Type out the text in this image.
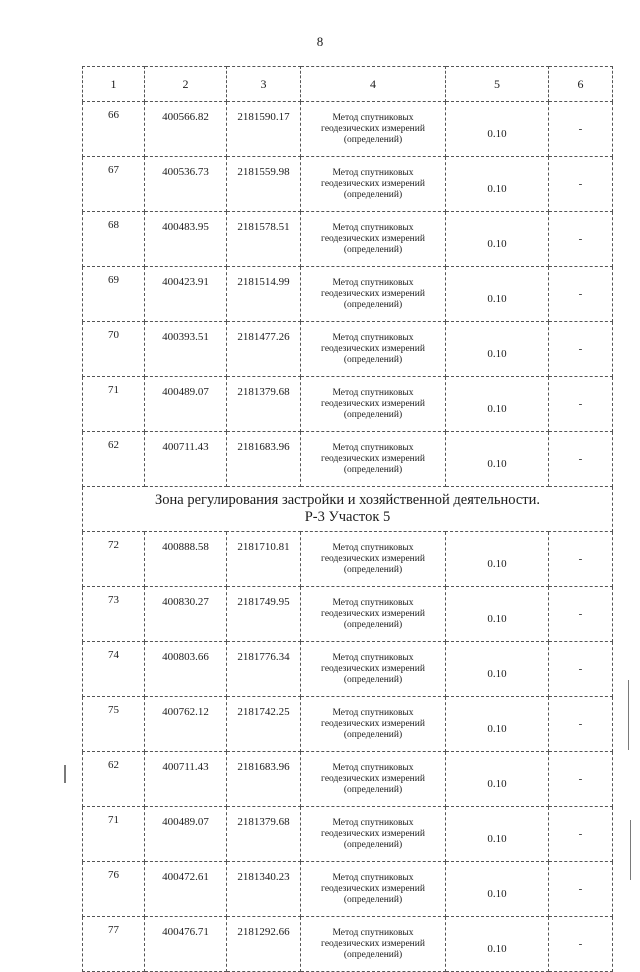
8
1	2	3	4	5	6
66	400566.82	2181590.17	Метод спутниковых
геодезических измерений
(определений)	0.10	-
67	400536.73	2181559.98	Метод спутниковых
геодезических измерений
(определений)	0.10	-
68	400483.95	2181578.51	Метод спутниковых
геодезических измерений
(определений)	0.10	-
69	400423.91	2181514.99	Метод спутниковых
геодезических измерений
(определений)	0.10	-
70	400393.51	2181477.26	Метод спутниковых
геодезических измерений
(определений)	0.10	-
71	400489.07	2181379.68	Метод спутниковых
геодезических измерений
(определений)	0.10	-
62	400711.43	2181683.96	Метод спутниковых
геодезических измерений
(определений)	0.10	-

Зона регулирования застройки и хозяйственной деятельности.
Р-3 Участок 5					

72	400888.58	2181710.81	Метод спутниковых
геодезических измерений
(определений)	0.10	-
73	400830.27	2181749.95	Метод спутниковых
геодезических измерений
(определений)	0.10	-
74	400803.66	2181776.34	Метод спутниковых
геодезических измерений
(определений)	0.10	-
75	400762.12	2181742.25	Метод спутниковых
геодезических измерений
(определений)	0.10	-
62	400711.43	2181683.96	Метод спутниковых
геодезических измерений
(определений)	0.10	-
71	400489.07	2181379.68	Метод спутниковых
геодезических измерений
(определений)	0.10	-
76	400472.61	2181340.23	Метод спутниковых
геодезических измерений
(определений)	0.10	-
77	400476.71	2181292.66	Метод спутниковых
геодезических измерений
(определений)	0.10	-
